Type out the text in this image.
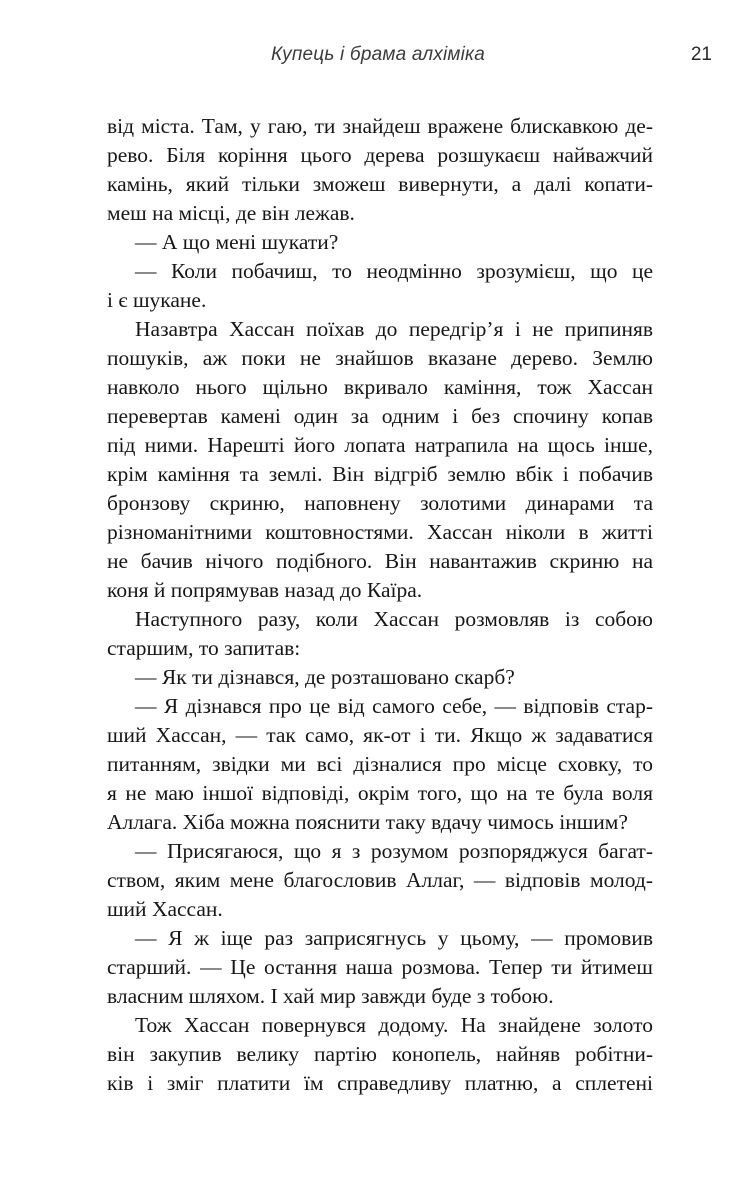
Купець і брама алхіміка	21
від міста. Там, у гаю, ти знайдеш вражене блискавкою де-
рево. Біля коріння цього дерева розшукаєш найважчий
камінь, який тільки зможеш вивернути, а далі копати-
меш на місці, де він лежав.
— А що мені шукати?
— Коли побачиш, то неодмінно зрозумієш, що це
і є шукане.
Назавтра Хассан поїхав до передгір’я і не припиняв
пошуків, аж поки не знайшов вказане дерево. Землю
навколо нього щільно вкривало каміння, тож Хассан
перевертав камені один за одним і без спочину копав
під ними. Нарешті його лопата натрапила на щось інше,
крім каміння та землі. Він відгріб землю вбік і побачив
бронзову скриню, наповнену золотими динарами та
різноманітними коштовностями. Хассан ніколи в житті
не бачив нічого подібного. Він навантажив скриню на
коня й попрямував назад до Каїра.
Наступного разу, коли Хассан розмовляв із собою
старшим, то запитав:
— Як ти дізнався, де розташовано скарб?
— Я дізнався про це від самого себе, — відповів стар-
ший Хассан, — так само, як-от і ти. Якщо ж задаватися
питанням, звідки ми всі дізналися про місце сховку, то
я не маю іншої відповіді, окрім того, що на те була воля
Аллага. Хіба можна пояснити таку вдачу чимось іншим?
— Присягаюся, що я з розумом розпоряджуся багат-
ством, яким мене благословив Аллаг, — відповів молод-
ший Хассан.
— Я ж іще раз заприсягнусь у цьому, — промовив
старший. — Це остання наша розмова. Тепер ти йтимеш
власним шляхом. І хай мир завжди буде з тобою.
Тож Хассан повернувся додому. На знайдене золото
він закупив велику партію конопель, найняв робітни-
ків і зміг платити їм справедливу платню, а сплетені
